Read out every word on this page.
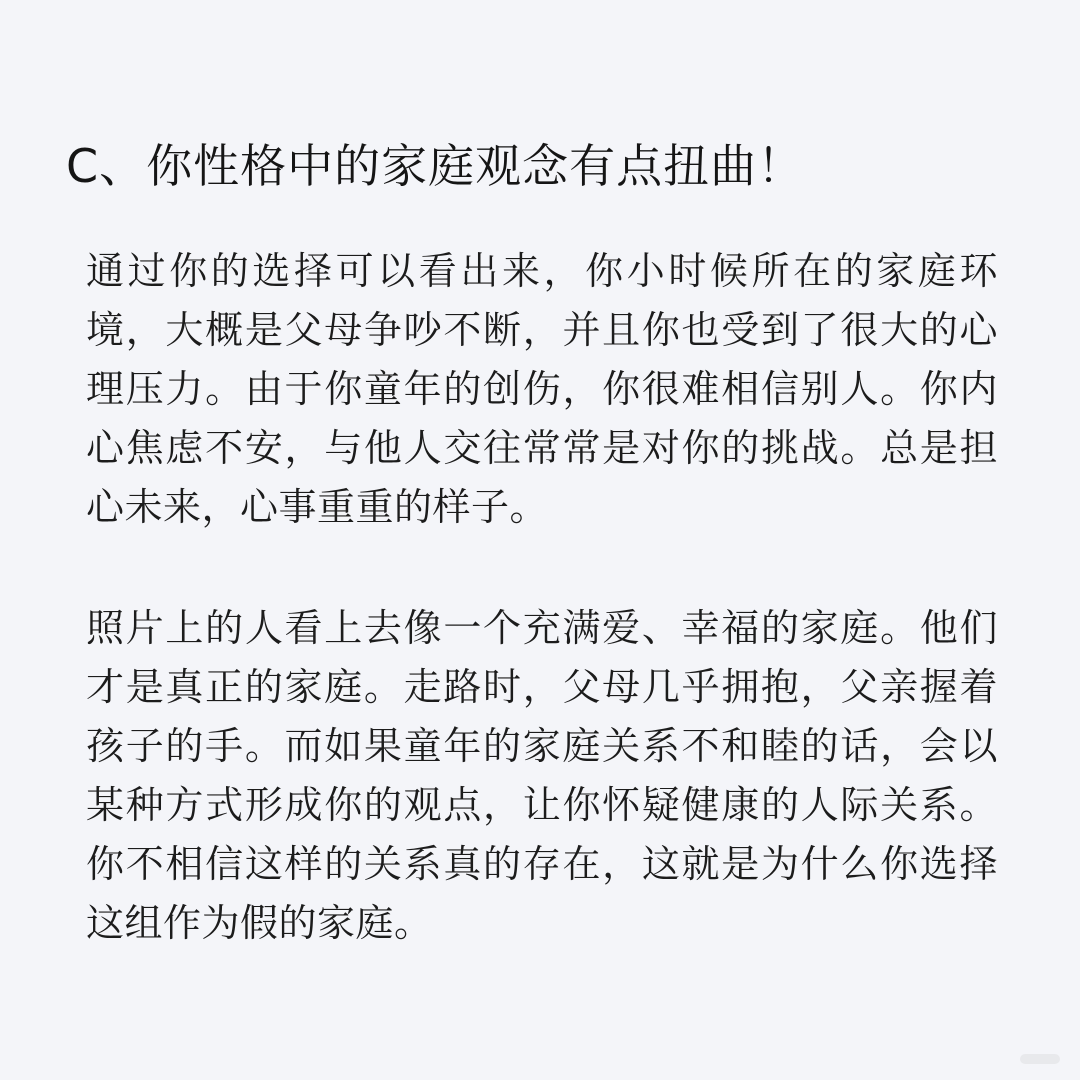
C、你性格中的家庭观念有点扭曲！

通过你的选择可以看出来，你小时候所在的家庭环境，大概是父母争吵不断，并且你也受到了很大的心理压力。由于你童年的创伤，你很难相信别人。你内心焦虑不安，与他人交往常常是对你的挑战。总是担心未来，心事重重的样子。

照片上的人看上去像一个充满爱、幸福的家庭。他们才是真正的家庭。走路时，父母几乎拥抱，父亲握着孩子的手。而如果童年的家庭关系不和睦的话，会以某种方式形成你的观点，让你怀疑健康的人际关系。你不相信这样的关系真的存在，这就是为什么你选择这组作为假的家庭。
